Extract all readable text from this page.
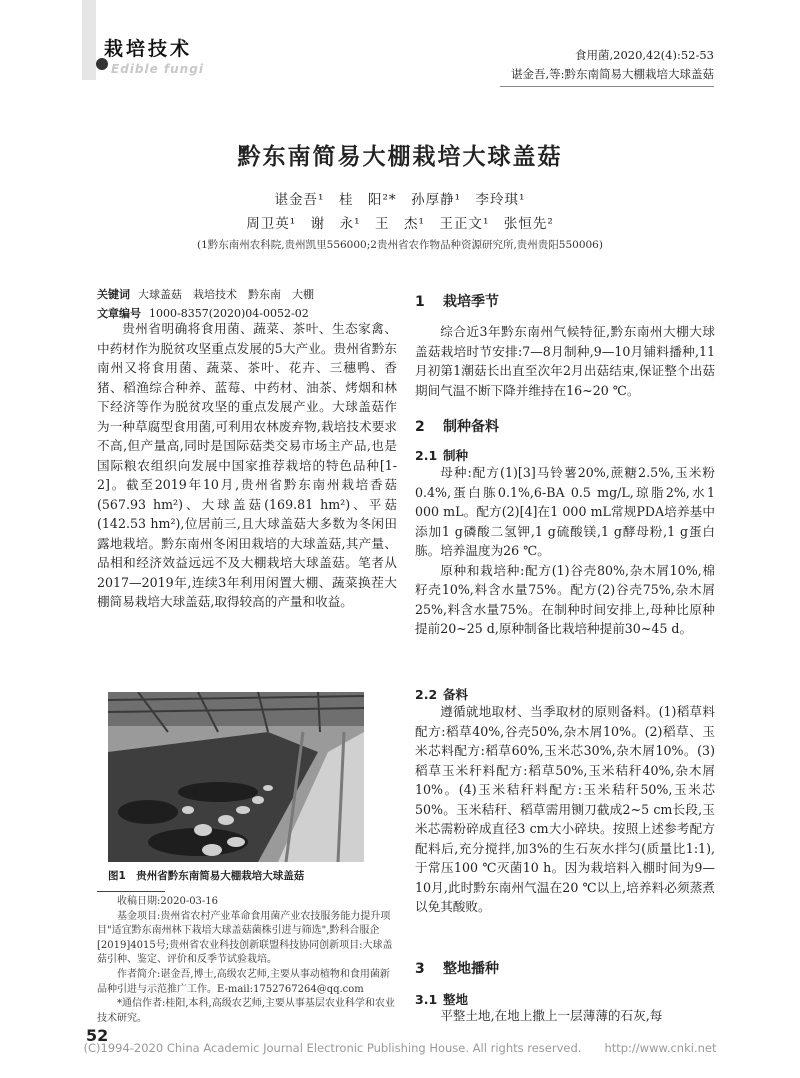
栽培技术
Edible fungi
食用菌,2020,42(4):52-53
谌金吾,等:黔东南简易大棚栽培大球盖菇
黔东南简易大棚栽培大球盖菇
谌金吾¹　桂　阳²*　孙厚静¹　李玲琪¹
周卫英¹　谢　永¹　王　杰¹　王正文¹　张恒先²
(1黔东南州农科院,贵州凯里556000;2贵州省农作物品种资源研究所,贵州贵阳550006)
关键词 大球盖菇　栽培技术　黔东南　大棚
文章编号 1000-8357(2020)04-0052-02

贵州省明确将食用菌、蔬菜、茶叶、生态家禽、中药材作为脱贫攻坚重点发展的5大产业。贵州省黔东南州又将食用菌、蔬菜、茶叶、花卉、三穗鸭、香猪、稻渔综合种养、蓝莓、中药材、油茶、烤烟和林下经济等作为脱贫攻坚的重点发展产业。大球盖菇作为一种草腐型食用菌,可利用农林废弃物,栽培技术要求不高,但产量高,同时是国际菇类交易市场主产品,也是国际粮农组织向发展中国家推荐栽培的特色品种[1-2]。截至2019年10月,贵州省黔东南州栽培香菇(567.93 hm²)、大球盖菇(169.81 hm²)、平菇(142.53 hm²),位居前三,且大球盖菇大多数为冬闲田露地栽培。黔东南州冬闲田栽培的大球盖菇,其产量、品相和经济效益远远不及大棚栽培大球盖菇。笔者从2017—2019年,连续3年利用闲置大棚、蔬菜换茬大棚简易栽培大球盖菇,取得较高的产量和收益。

图1　贵州省黔东南简易大棚栽培大球盖菇

收稿日期:2020-03-16

基金项目:贵州省农村产业革命食用菌产业农技服务能力提升项目"适宜黔东南州林下栽培大球盖菇菌株引进与筛选",黔科合服企[2019]4015号;贵州省农业科技创新联盟科技协同创新项目:大球盖菇引种、鉴定、评价和反季节试验栽培。

作者简介:谌金吾,博士,高级农艺师,主要从事动植物和食用菌新品种引进与示范推广工作。E-mail:1752767264@qq.com

*通信作者:桂阳,本科,高级农艺师,主要从事基层农业科学和农业技术研究。

52
1 栽培季节

综合近3年黔东南州气候特征,黔东南州大棚大球盖菇栽培时节安排:7—8月制种,9—10月铺料播种,11月初第1潮菇长出直至次年2月出菇结束,保证整个出菇期间气温不断下降并维持在16~20 ℃。

2 制种备料
2.1 制种

母种:配方(1)[3]马铃薯20%,蔗糖2.5%,玉米粉0.4%,蛋白胨0.1%,6-BA 0.5 mg/L,琼脂2%,水1 000 mL。配方(2)[4]在1 000 mL常规PDA培养基中添加1 g磷酸二氢钾,1 g硫酸镁,1 g酵母粉,1 g蛋白胨。培养温度为26 ℃。

原种和栽培种:配方(1)谷壳80%,杂木屑10%,棉籽壳10%,料含水量75%。配方(2)谷壳75%,杂木屑25%,料含水量75%。在制种时间安排上,母种比原种提前20~25 d,原种制备比栽培种提前30~45 d。

2.2 备料

遵循就地取材、当季取材的原则备料。(1)稻草料配方:稻草40%,谷壳50%,杂木屑10%。(2)稻草、玉米芯料配方:稻草60%,玉米芯30%,杂木屑10%。(3)稻草玉米秆料配方:稻草50%,玉米秸秆40%,杂木屑10%。(4)玉米秸秆料配方:玉米秸秆50%,玉米芯50%。玉米秸秆、稻草需用铡刀截成2~5 cm长段,玉米芯需粉碎成直径3 cm大小碎块。按照上述参考配方配料后,充分搅拌,加3%的生石灰水拌匀(质量比1:1),于常压100 ℃灭菌10 h。因为栽培料入棚时间为9—10月,此时黔东南州气温在20 ℃以上,培养料必须蒸煮以免其酸败。

3 整地播种
3.1 整地

平整土地,在地上撒上一层薄薄的石灰,每

(C)1994-2020 China Academic Journal Electronic Publishing House. All rights reserved.　　http://www.cnki.net
